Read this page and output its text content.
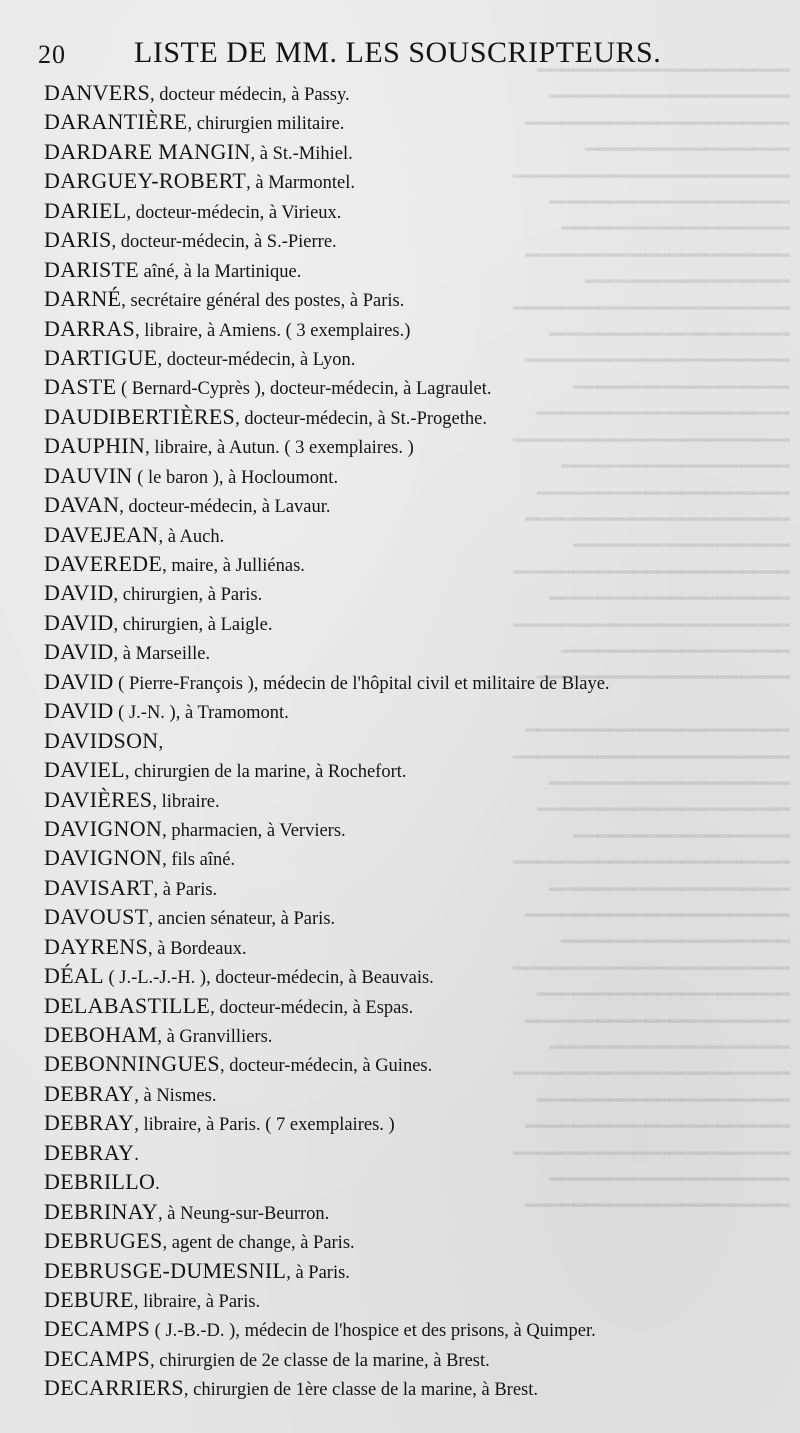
━━━━━━━━━━━━━━━━━━━━━
━━━━━━━━━━━━━━━━━━━━
━━━━━━━━━━━━━━━━━━━━━━
━━━━━━━━━━━━━━━━━
━━━━━━━━━━━━━━━━━━━━━━━
━━━━━━━━━━━━━━━━━━━━
━━━━━━━━━━━━━━━━━━━
━━━━━━━━━━━━━━━━━━━━━━
━━━━━━━━━━━━━━━━━
━━━━━━━━━━━━━━━━━━━━━━━
━━━━━━━━━━━━━━━━━━━━
━━━━━━━━━━━━━━━━━━━━━━
━━━━━━━━━━━━━━━━━━
━━━━━━━━━━━━━━━━━━━━━
━━━━━━━━━━━━━━━━━━━━━━━
━━━━━━━━━━━━━━━━━━━
━━━━━━━━━━━━━━━━━━━━━
━━━━━━━━━━━━━━━━━━━━━━
━━━━━━━━━━━━━━━━━━
━━━━━━━━━━━━━━━━━━━━━━━
━━━━━━━━━━━━━━━━━━━━
━━━━━━━━━━━━━━━━━━━━━━━
━━━━━━━━━━━━━━━━━━━
━━━━━━━━━━━━━━━━━━━━━

━━━━━━━━━━━━━━━━━━━━━━
━━━━━━━━━━━━━━━━━━━━━━━
━━━━━━━━━━━━━━━━━━━━
━━━━━━━━━━━━━━━━━━━━━
━━━━━━━━━━━━━━━━━━
━━━━━━━━━━━━━━━━━━━━━━━
━━━━━━━━━━━━━━━━━━━━
━━━━━━━━━━━━━━━━━━━━━━
━━━━━━━━━━━━━━━━━━━
━━━━━━━━━━━━━━━━━━━━━━━
━━━━━━━━━━━━━━━━━━━━━
━━━━━━━━━━━━━━━━━━━━━━
━━━━━━━━━━━━━━━━━━━━
━━━━━━━━━━━━━━━━━━━━━━━
━━━━━━━━━━━━━━━━━━━━━
━━━━━━━━━━━━━━━━━━━━━━
━━━━━━━━━━━━━━━━━━━━━━━
━━━━━━━━━━━━━━━━━━━━
━━━━━━━━━━━━━━━━━━━━━━
20 LISTE DE MM. LES SOUSCRIPTEURS.
DANVERS, docteur médecin, à Passy.
DARANTIÈRE, chirurgien militaire.
DARDARE MANGIN, à St.-Mihiel.
DARGUEY-ROBERT, à Marmontel.
DARIEL, docteur-médecin, à Virieux.
DARIS, docteur-médecin, à S.-Pierre.
DARISTE aîné, à la Martinique.
DARNÉ, secrétaire général des postes, à Paris.
DARRAS, libraire, à Amiens. ( 3 exemplaires.)
DARTIGUE, docteur-médecin, à Lyon.
DASTE ( Bernard-Cyprès ), docteur-médecin, à Lagraulet.
DAUDIBERTIÈRES, docteur-médecin, à St.-Progethe.
DAUPHIN, libraire, à Autun. ( 3 exemplaires. )
DAUVIN ( le baron ), à Hocloumont.
DAVAN, docteur-médecin, à Lavaur.
DAVEJEAN, à Auch.
DAVEREDE, maire, à Julliénas.
DAVID, chirurgien, à Paris.
DAVID, chirurgien, à Laigle.
DAVID, à Marseille.
DAVID ( Pierre-François ), médecin de l'hôpital civil et militaire de Blaye.
DAVID ( J.-N. ), à Tramomont.
DAVIDSON,
DAVIEL, chirurgien de la marine, à Rochefort.
DAVIÈRES, libraire.
DAVIGNON, pharmacien, à Verviers.
DAVIGNON, fils aîné.
DAVISART, à Paris.
DAVOUST, ancien sénateur, à Paris.
DAYRENS, à Bordeaux.
DÉAL ( J.-L.-J.-H. ), docteur-médecin, à Beauvais.
DELABASTILLE, docteur-médecin, à Espas.
DEBOHAM, à Granvilliers.
DEBONNINGUES, docteur-médecin, à Guines.
DEBRAY, à Nismes.
DEBRAY, libraire, à Paris. ( 7 exemplaires. )
DEBRAY.
DEBRILLO.
DEBRINAY, à Neung-sur-Beurron.
DEBRUGES, agent de change, à Paris.
DEBRUSGE-DUMESNIL, à Paris.
DEBURE, libraire, à Paris.
DECAMPS ( J.-B.-D. ), médecin de l'hospice et des prisons, à Quimper.
DECAMPS, chirurgien de 2e classe de la marine, à Brest.
DECARRIERS, chirurgien de 1ère classe de la marine, à Brest.
